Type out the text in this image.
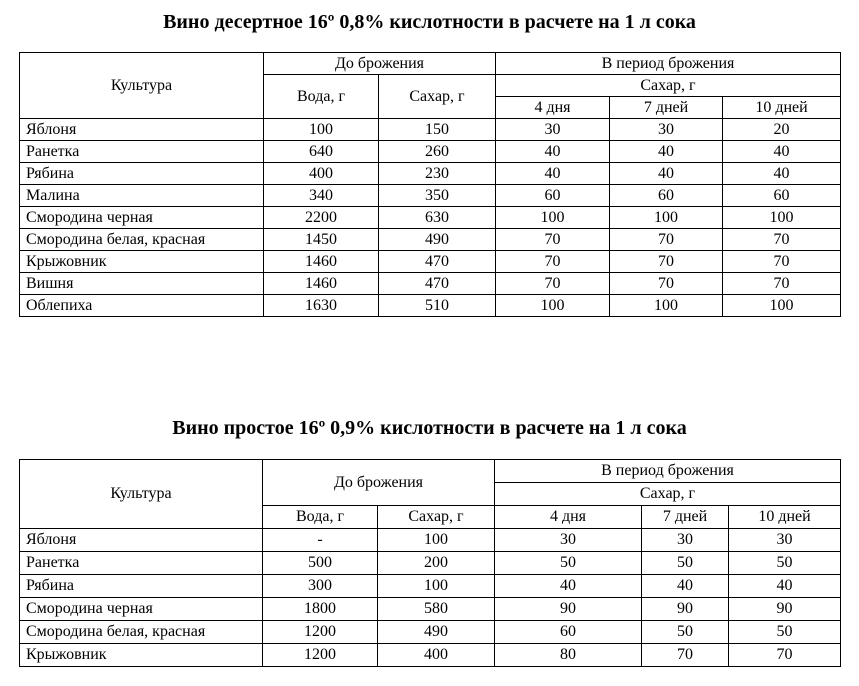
Вино десертное 16º 0,8% кислотности в расчете на 1 л сока
Культура	До брожения		В период брожения		
	Вода, г	Сахар, г	Сахар, г		
			4 дня	7 дней	10 дней
Яблоня	100	150	30	30	20
Ранетка	640	260	40	40	40
Рябина	400	230	40	40	40
Малина	340	350	60	60	60
Смородина черная	2200	630	100	100	100
Смородина белая, красная	1450	490	70	70	70
Крыжовник	1460	470	70	70	70
Вишня	1460	470	70	70	70
Облепиха	1630	510	100	100	100
Вино простое 16º 0,9% кислотности в расчете на 1 л сока
Культура	До брожения		В период брожения		
			Сахар, г		
	Вода, г	Сахар, г	4 дня	7 дней	10 дней
Яблоня	-	100	30	30	30
Ранетка	500	200	50	50	50
Рябина	300	100	40	40	40
Смородина черная	1800	580	90	90	90
Смородина белая, красная	1200	490	60	50	50
Крыжовник	1200	400	80	70	70
